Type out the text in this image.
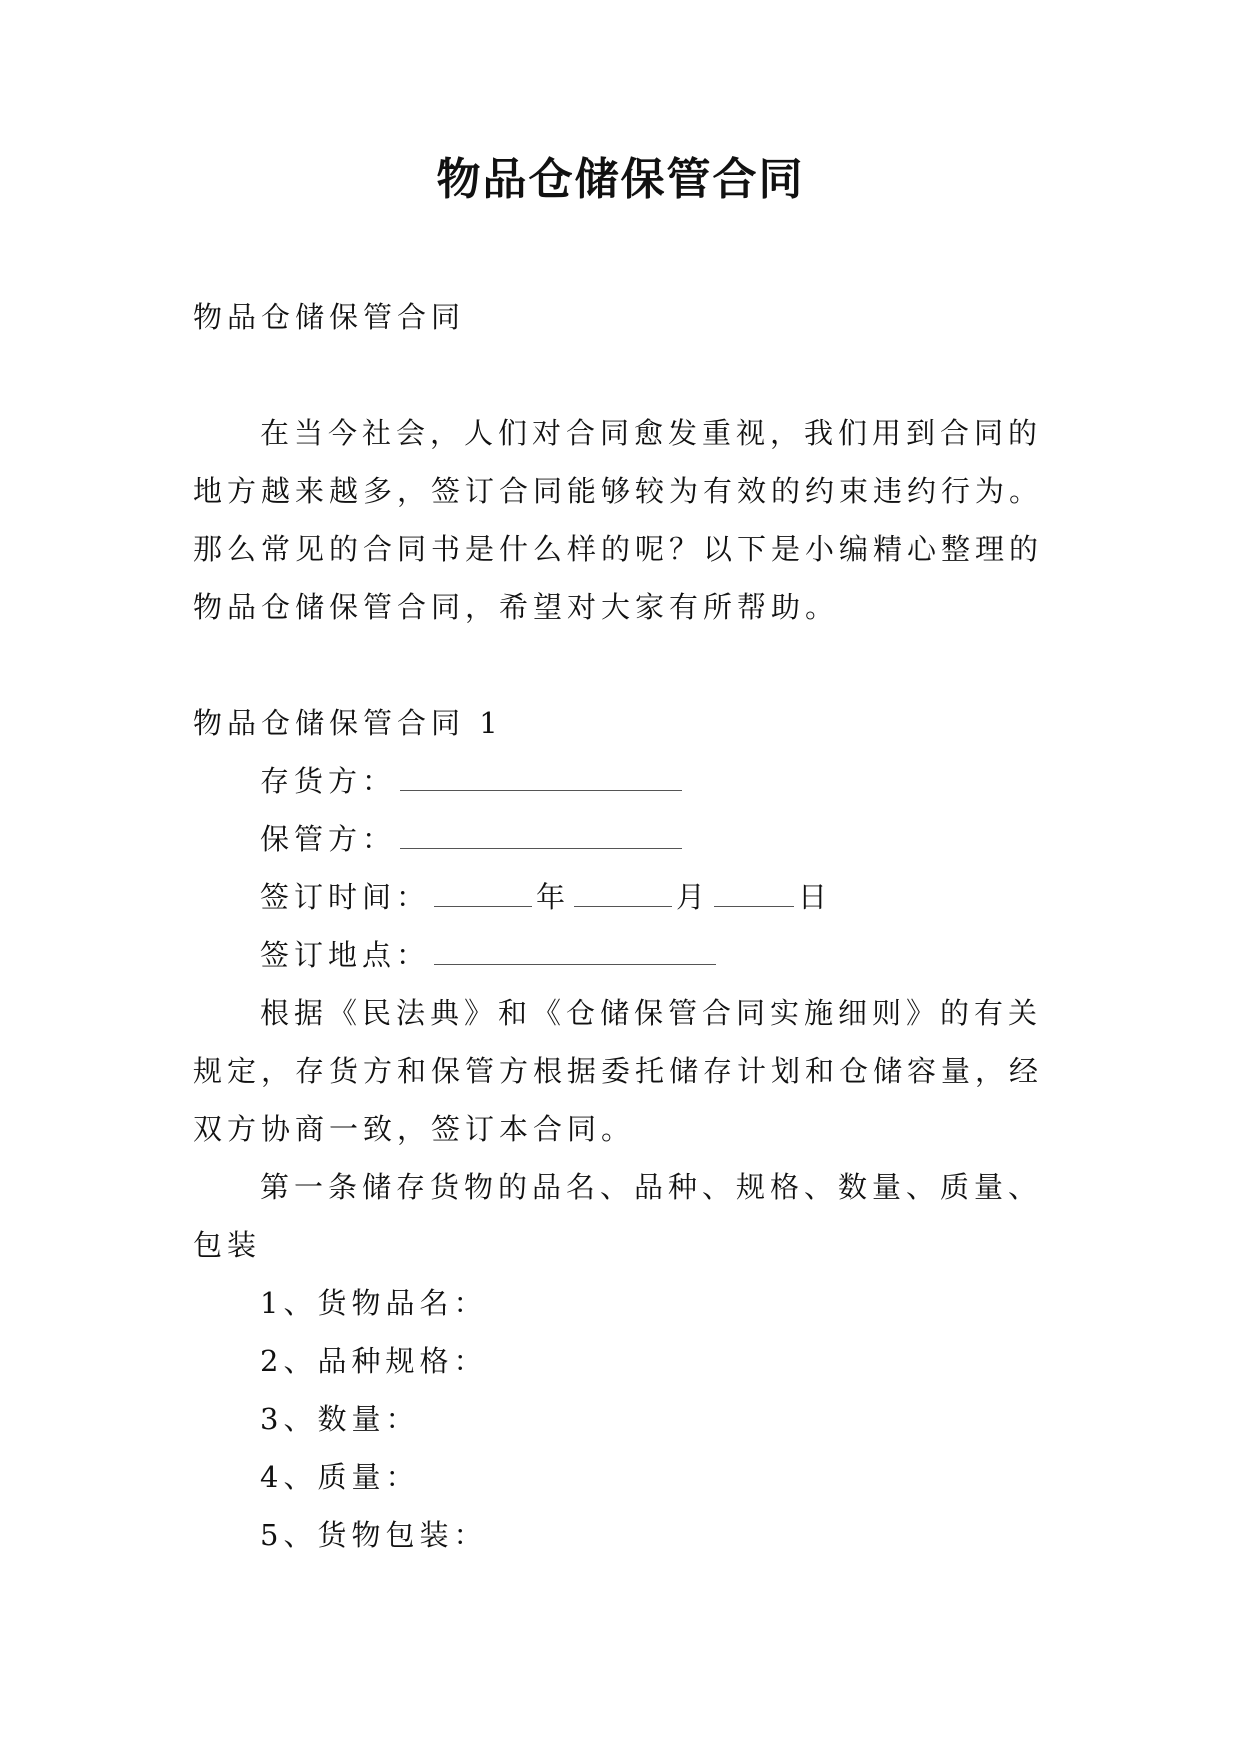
物品仓储保管合同

物品仓储保管合同

在当今社会，人们对合同愈发重视，我们用到合同的地方越来越多，签订合同能够较为有效的约束违约行为。那么常见的合同书是什么样的呢？以下是小编精心整理的物品仓储保管合同，希望对大家有所帮助。

物品仓储保管合同 1

存货方：

保管方：

签订时间：	年	月	日

签订地点：

根据《民法典》和《仓储保管合同实施细则》的有关规定，存货方和保管方根据委托储存计划和仓储容量，经双方协商一致，签订本合同。

第一条储存货物的品名、品种、规格、数量、质量、包装

1、货物品名：

2、品种规格：

3、数量：

4、质量：

5、货物包装：
